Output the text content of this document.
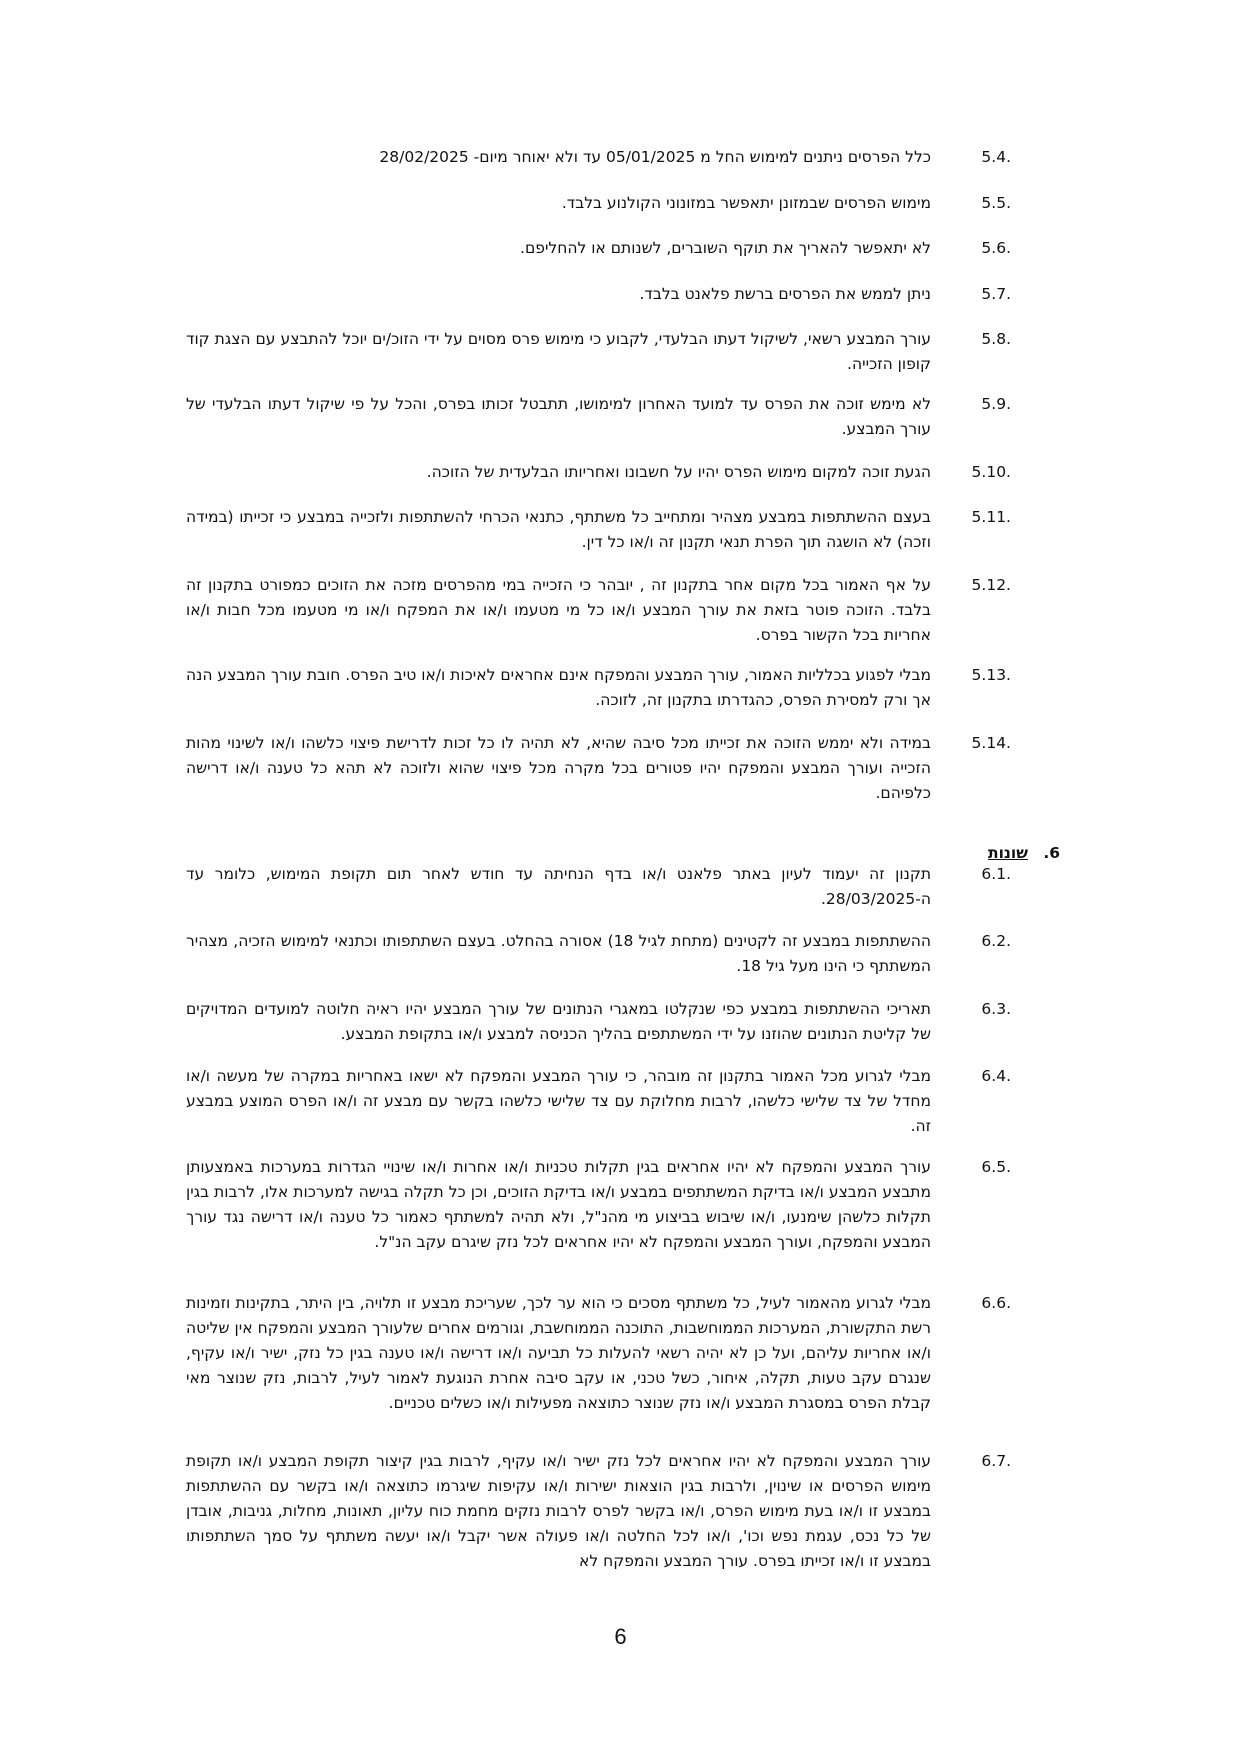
5.4.
כלל הפרסים ניתנים למימוש החל מ 05/01/2025 עד ולא יאוחר מיום- 28/02/2025
5.5.
מימוש הפרסים שבמזונן יתאפשר במזונוני הקולנוע בלבד.
5.6.
לא יתאפשר להאריך את תוקף השוברים, לשנותם או להחליפם.
5.7.
ניתן לממש את הפרסים ברשת פלאנט בלבד.
5.8.
עורך המבצע רשאי, לשיקול דעתו הבלעדי, לקבוע כי מימוש פרס מסוים על ידי הזוכ/ים יוכל להתבצע עם הצגת קוד קופון הזכייה.
5.9.
לא מימש זוכה את הפרס עד למועד האחרון למימושו, תתבטל זכותו בפרס, והכל על פי שיקול דעתו הבלעדי של עורך המבצע.
5.10.
הגעת זוכה למקום מימוש הפרס יהיו על חשבונו ואחריותו הבלעדית של הזוכה.
5.11.
בעצם ההשתתפות במבצע מצהיר ומתחייב כל משתתף, כתנאי הכרחי להשתתפות ולזכייה במבצע כי זכייתו (במידה וזכה) לא הושגה תוך הפרת תנאי תקנון זה ו/או כל דין.
5.12.
על אף האמור בכל מקום אחר בתקנון זה , יובהר כי הזכייה במי מהפרסים מזכה את הזוכים כמפורט בתקנון זה בלבד. הזוכה פוטר בזאת את עורך המבצע ו/או כל מי מטעמו ו/או את המפקח ו/או מי מטעמו מכל חבות ו/או אחריות בכל הקשור בפרס.
5.13.
מבלי לפגוע בכלליות האמור, עורך המבצע והמפקח אינם אחראים לאיכות ו/או טיב הפרס. חובת עורך המבצע הנה אך ורק למסירת הפרס, כהגדרתו בתקנון זה, לזוכה.
5.14.
במידה ולא יממש הזוכה את זכייתו מכל סיבה שהיא, לא תהיה לו כל זכות לדרישת פיצוי כלשהו ו/או לשינוי מהות הזכייה ועורך המבצע והמפקח יהיו פטורים בכל מקרה מכל פיצוי שהוא ולזוכה לא תהא כל טענה ו/או דרישה כלפיהם.
6.
שונות
6.1.
תקנון זה יעמוד לעיון באתר פלאנט ו/או בדף הנחיתה עד חודש לאחר תום תקופת המימוש, כלומר עד ה-28/03/2025.
6.2.
ההשתתפות במבצע זה לקטינים (מתחת לגיל 18) אסורה בהחלט. בעצם השתתפותו וכתנאי למימוש הזכיה, מצהיר המשתתף כי הינו מעל גיל 18.
6.3.
תאריכי ההשתתפות במבצע כפי שנקלטו במאגרי הנתונים של עורך המבצע יהיו ראיה חלוטה למועדים המדויקים של קליטת הנתונים שהוזנו על ידי המשתתפים בהליך הכניסה למבצע ו/או בתקופת המבצע.
6.4.
מבלי לגרוע מכל האמור בתקנון זה מובהר, כי עורך המבצע והמפקח לא ישאו באחריות במקרה של מעשה ו/או מחדל של צד שלישי כלשהו, לרבות מחלוקת עם צד שלישי כלשהו בקשר עם מבצע זה ו/או הפרס המוצע במבצע זה.
6.5.
עורך המבצע והמפקח לא יהיו אחראים בגין תקלות טכניות ו/או אחרות ו/או שינויי הגדרות במערכות באמצעותן מתבצע המבצע ו/או בדיקת המשתתפים במבצע ו/או בדיקת הזוכים, וכן כל תקלה בגישה למערכות אלו, לרבות בגין תקלות כלשהן שימנעו, ו/או שיבוש בביצוע מי מהנ"ל, ולא תהיה למשתתף כאמור כל טענה ו/או דרישה נגד עורך המבצע והמפקח, ועורך המבצע והמפקח לא יהיו אחראים לכל נזק שיגרם עקב הנ"ל.
6.6.
מבלי לגרוע מהאמור לעיל, כל משתתף מסכים כי הוא ער לכך, שעריכת מבצע זו תלויה, בין היתר, בתקינות וזמינות רשת התקשורת, המערכות הממוחשבות, התוכנה הממוחשבת, וגורמים אחרים שלעורך המבצע והמפקח אין שליטה ו/או אחריות עליהם, ועל כן לא יהיה רשאי להעלות כל תביעה ו/או דרישה ו/או טענה בגין כל נזק, ישיר ו/או עקיף, שנגרם עקב טעות, תקלה, איחור, כשל טכני, או עקב סיבה אחרת הנוגעת לאמור לעיל, לרבות, נזק שנוצר מאי קבלת הפרס במסגרת המבצע ו/או נזק שנוצר כתוצאה מפעילות ו/או כשלים טכניים.
6.7.
עורך המבצע והמפקח לא יהיו אחראים לכל נזק ישיר ו/או עקיף, לרבות בגין קיצור תקופת המבצע ו/או תקופת מימוש הפרסים או שינוין, ולרבות בגין הוצאות ישירות ו/או עקיפות שיגרמו כתוצאה ו/או בקשר עם ההשתתפות במבצע זו ו/או בעת מימוש הפרס, ו/או בקשר לפרס לרבות נזקים מחמת כוח עליון, תאונות, מחלות, גניבות, אובדן של כל נכס, עגמת נפש וכו', ו/או לכל החלטה ו/או פעולה אשר יקבל ו/או יעשה משתתף על סמך השתתפותו במבצע זו ו/או זכייתו בפרס. עורך המבצע והמפקח לא
6
